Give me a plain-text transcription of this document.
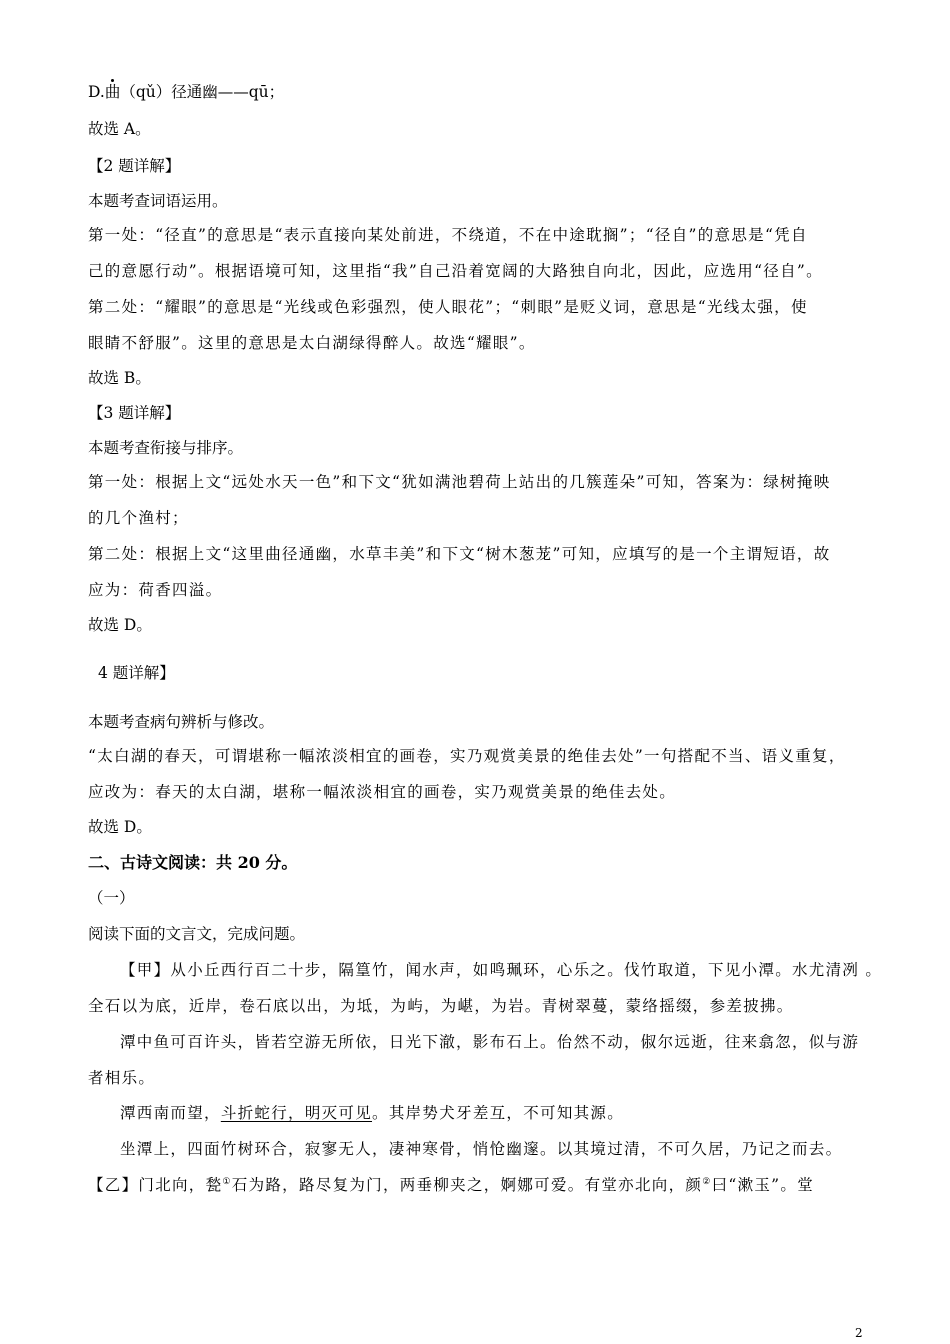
D.曲（qǔ）径通幽——qū；
故选 A。
【2 题详解】
本题考查词语运用。
第一处：“径直”的意思是“表示直接向某处前进，不绕道，不在中途耽搁”；“径自”的意思是“凭自
己的意愿行动”。根据语境可知，这里指“我”自己沿着宽阔的大路独自向北，因此，应选用“径自”。
第二处：“耀眼”的意思是“光线或色彩强烈，使人眼花”；“刺眼”是贬义词，意思是“光线太强，使
眼睛不舒服”。这里的意思是太白湖绿得醉人。故选“耀眼”。
故选 B。
【3 题详解】
本题考查衔接与排序。
第一处：根据上文“远处水天一色”和下文“犹如满池碧荷上站出的几簇莲朵”可知，答案为：绿树掩映
的几个渔村；
第二处：根据上文“这里曲径通幽，水草丰美”和下文“树木葱茏”可知，应填写的是一个主谓短语，故
应为：荷香四溢。
故选 D。
4 题详解】
本题考查病句辨析与修改。
“太白湖的春天，可谓堪称一幅浓淡相宜的画卷，实乃观赏美景的绝佳去处”一句搭配不当、语义重复，
应改为：春天的太白湖，堪称一幅浓淡相宜的画卷，实乃观赏美景的绝佳去处。
故选 D。
二、古诗文阅读：共 20 分。
（一）
阅读下面的文言文，完成问题。
【甲】从小丘西行百二十步，隔篁竹，闻水声，如鸣珮环，心乐之。伐竹取道，下见小潭。水尤清冽 。
全石以为底，近岸，卷石底以出，为坻，为屿，为嵁，为岩。青树翠蔓，蒙络摇缀，参差披拂。
潭中鱼可百许头，皆若空游无所依，日光下澈，影布石上。佁然不动，俶尔远逝，往来翕忽，似与游
者相乐。
潭西南而望，斗折蛇行，明灭可见。其岸势犬牙差互，不可知其源。
坐潭上，四面竹树环合，寂寥无人，凄神寒骨，悄怆幽邃。以其境过清，不可久居，乃记之而去。
【乙】门北向，甃①石为路，路尽复为门，两垂柳夹之，婀娜可爱。有堂亦北向，颜②曰“漱玉”。堂
2
